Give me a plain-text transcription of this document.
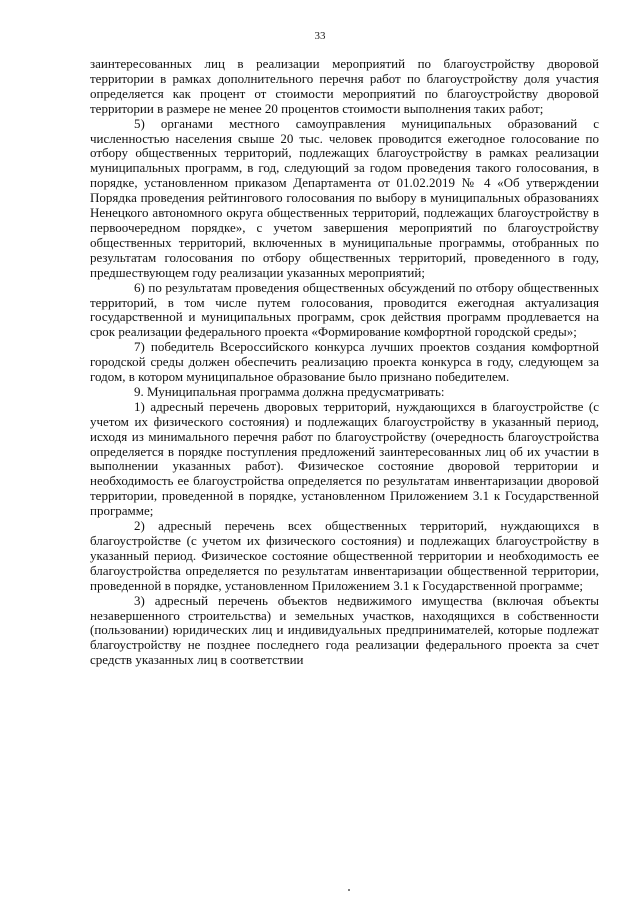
33

заинтересованных лиц в реализации мероприятий по благоустройству дворовой территории в рамках дополнительного перечня работ по благоустройству доля участия определяется как процент от стоимости мероприятий по благоустройству дворовой территории в размере не менее 20 процентов стоимости выполнения таких работ;

5) органами местного самоуправления муниципальных образований с численностью населения свыше 20 тыс. человек проводится ежегодное голосование по отбору общественных территорий, подлежащих благоустройству в рамках реализации муниципальных программ, в год, следующий за годом проведения такого голосования, в порядке, установленном приказом Департамента от 01.02.2019 № 4 «Об утверждении Порядка проведения рейтингового голосования по выбору в муниципальных образованиях Ненецкого автономного округа общественных территорий, подлежащих благоустройству в первоочередном порядке», с учетом завершения мероприятий по благоустройству общественных территорий, включенных в муниципальные программы, отобранных по результатам голосования по отбору общественных территорий, проведенного в году, предшествующем году реализации указанных мероприятий;

6) по результатам проведения общественных обсуждений по отбору общественных территорий, в том числе путем голосования, проводится ежегодная актуализация государственной и муниципальных программ, срок действия программ продлевается на срок реализации федерального проекта «Формирование комфортной городской среды»;

7) победитель Всероссийского конкурса лучших проектов создания комфортной городской среды должен обеспечить реализацию проекта конкурса в году, следующем за годом, в котором муниципальное образование было признано победителем.

9. Муниципальная программа должна предусматривать:

1) адресный перечень дворовых территорий, нуждающихся в благоустройстве (с учетом их физического состояния) и подлежащих благоустройству в указанный период, исходя из минимального перечня работ по благоустройству (очередность благоустройства определяется в порядке поступления предложений заинтересованных лиц об их участии в выполнении указанных работ). Физическое состояние дворовой территории и необходимость ее благоустройства определяется по результатам инвентаризации дворовой территории, проведенной в порядке, установленном Приложением 3.1 к Государственной программе;

2) адресный перечень всех общественных территорий, нуждающихся в благоустройстве (с учетом их физического состояния) и подлежащих благоустройству в указанный период. Физическое состояние общественной территории и необходимость ее благоустройства определяется по результатам инвентаризации общественной территории, проведенной в порядке, установленном Приложением 3.1 к Государственной программе;

3) адресный перечень объектов недвижимого имущества (включая объекты незавершенного строительства) и земельных участков, находящихся в собственности (пользовании) юридических лиц и индивидуальных предпринимателей, которые подлежат благоустройству не позднее последнего года реализации федерального проекта за счет средств указанных лиц в соответствии
